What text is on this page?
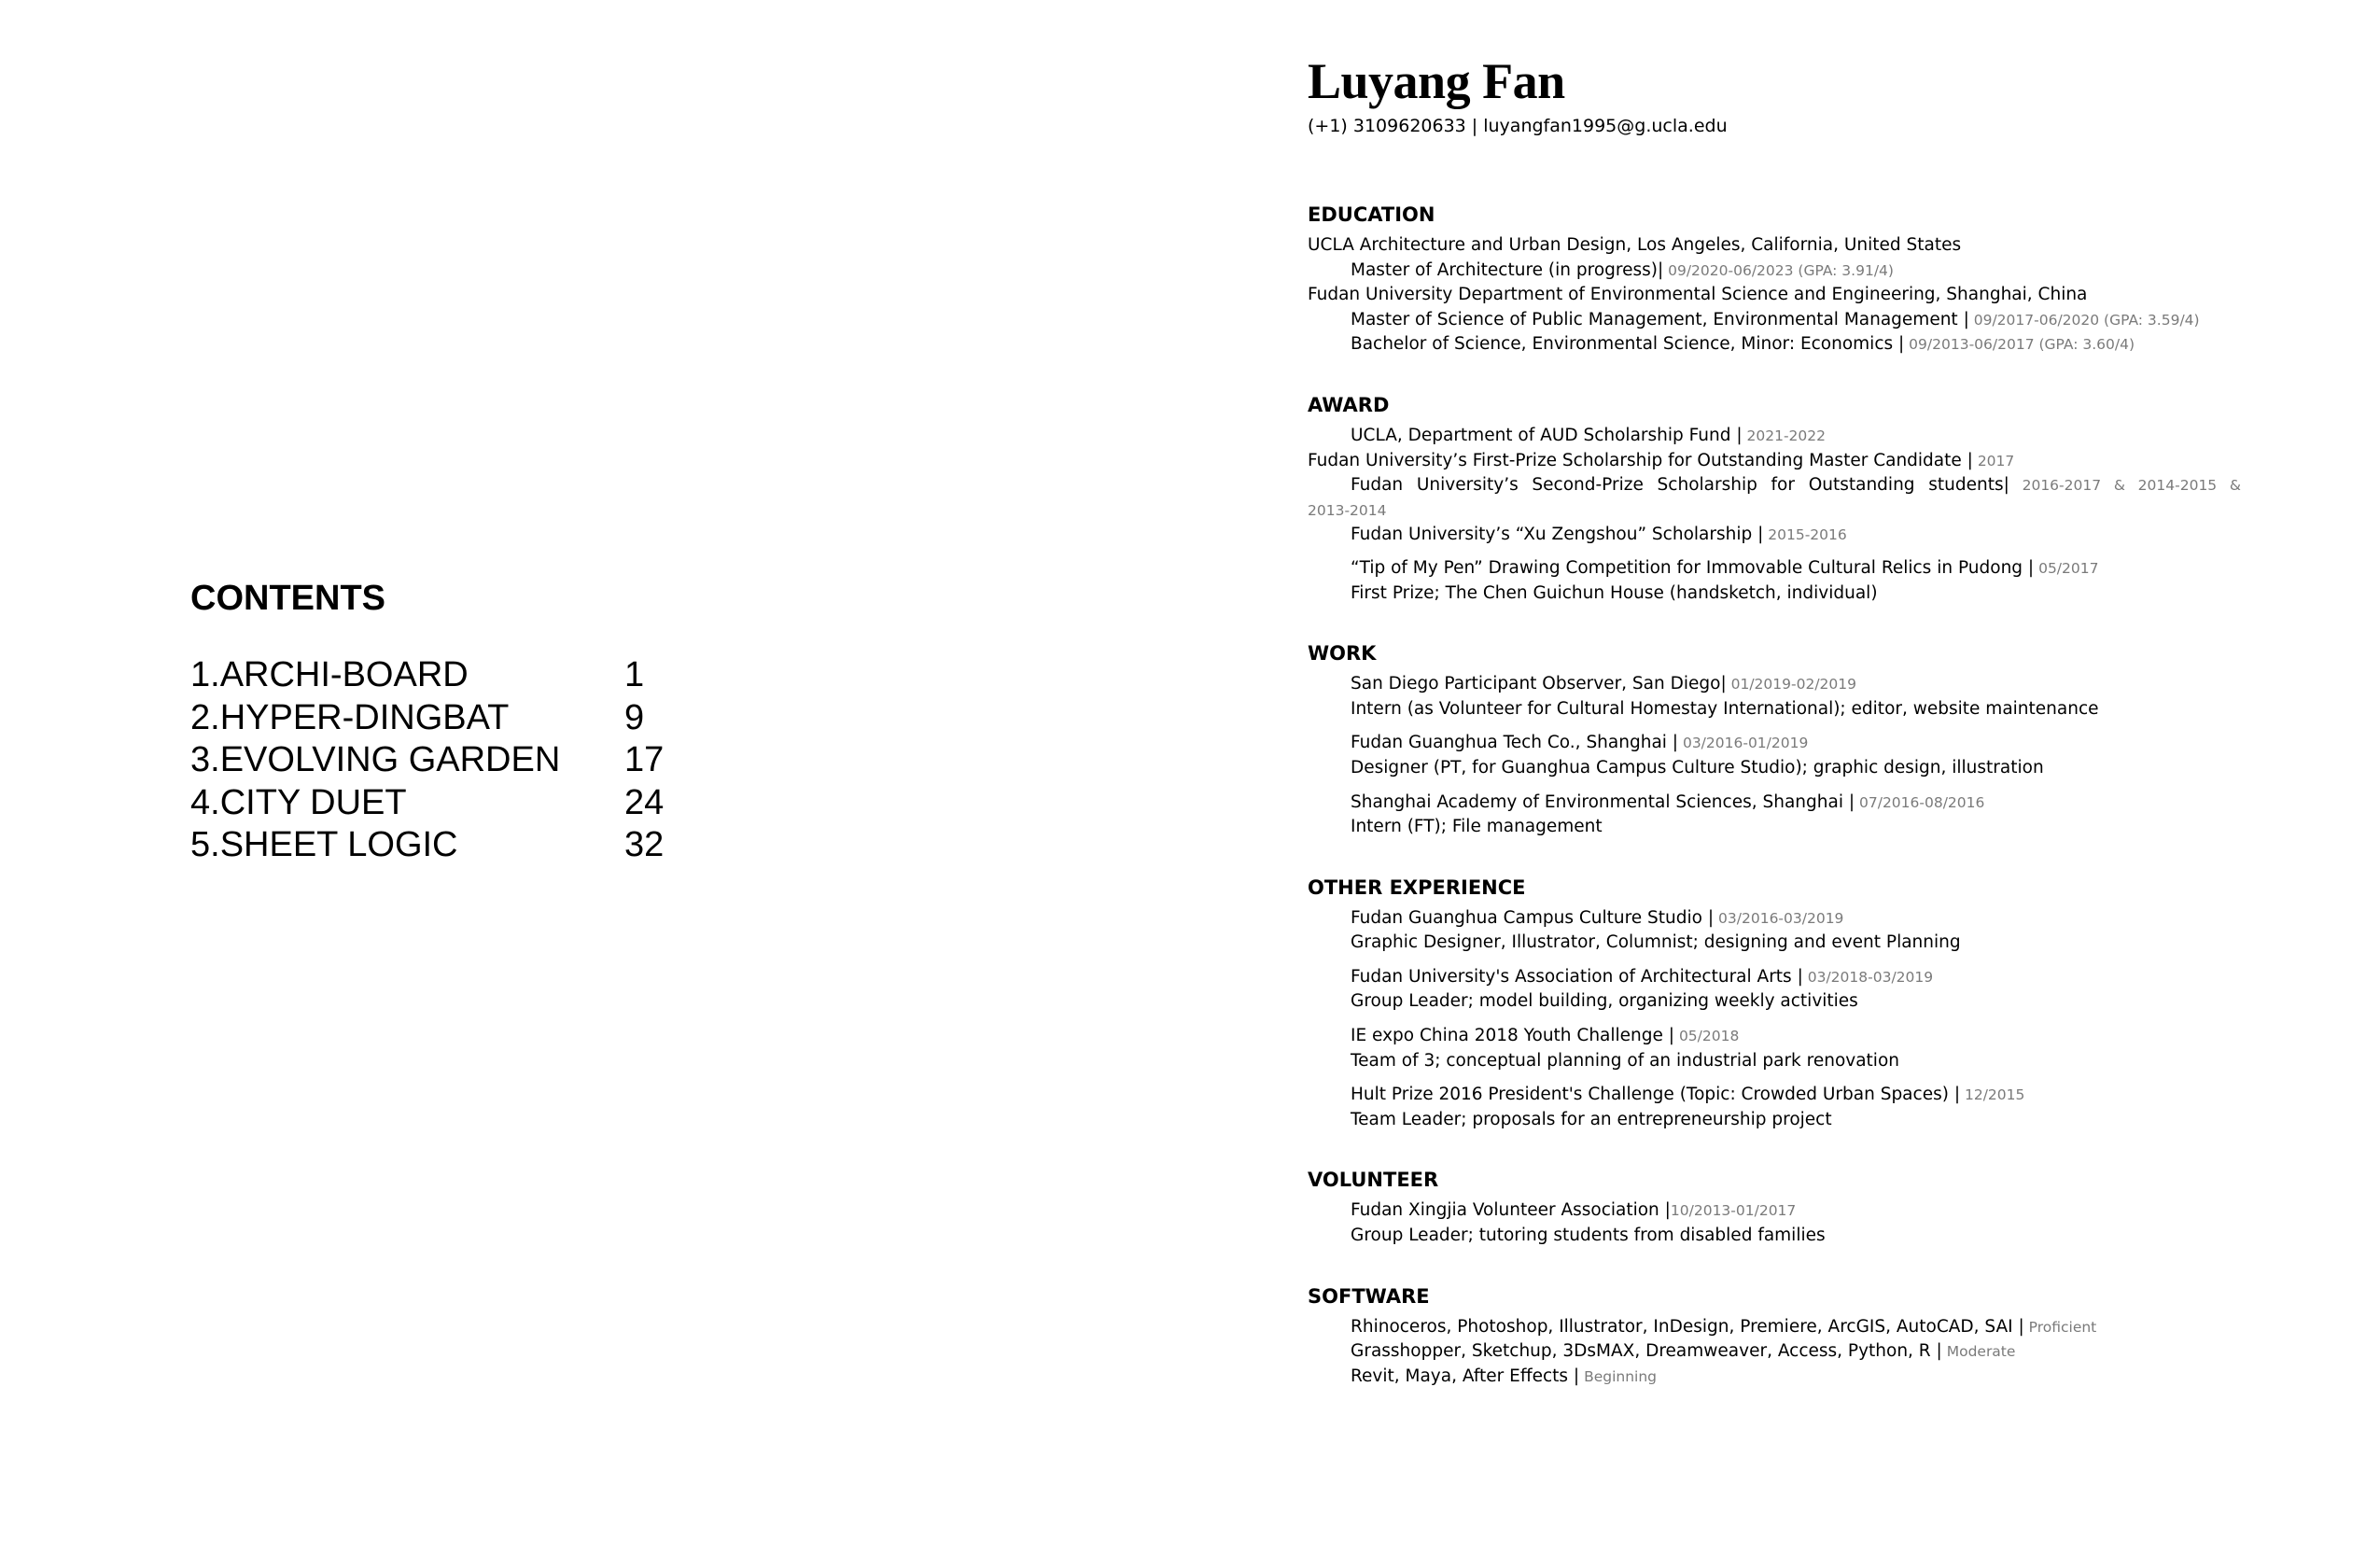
CONTENTS
1.ARCHI-BOARD	1
2.HYPER-DINGBAT	9
3.EVOLVING GARDEN 17
4.CITY DUET	24
5.SHEET LOGIC	32
Luyang Fan
(+1) 3109620633 | luyangfan1995@g.ucla.edu
EDUCATION
UCLA Architecture and Urban Design, Los Angeles, California, United States
Master of Architecture (in progress)| 09/2020-06/2023 (GPA: 3.91/4)
Fudan University Department of Environmental Science and Engineering, Shanghai, China
Master of Science of Public Management, Environmental Management | 09/2017-06/2020 (GPA: 3.59/4)
Bachelor of Science, Environmental Science, Minor: Economics | 09/2013-06/2017 (GPA: 3.60/4)
AWARD
UCLA, Department of AUD Scholarship Fund | 2021-2022
Fudan University’s First-Prize Scholarship for Outstanding Master Candidate | 2017
Fudan University’s Second-Prize Scholarship for Outstanding students| 2016-2017 & 2014-2015 & 2013-2014
Fudan University’s “Xu Zengshou” Scholarship | 2015-2016
“Tip of My Pen” Drawing Competition for Immovable Cultural Relics in Pudong | 05/2017
First Prize; The Chen Guichun House (handsketch, individual)
WORK
San Diego Participant Observer, San Diego| 01/2019-02/2019
Intern (as Volunteer for Cultural Homestay International); editor, website maintenance
Fudan Guanghua Tech Co., Shanghai | 03/2016-01/2019
Designer (PT, for Guanghua Campus Culture Studio); graphic design, illustration
Shanghai Academy of Environmental Sciences, Shanghai | 07/2016-08/2016
Intern (FT); File management
OTHER EXPERIENCE
Fudan Guanghua Campus Culture Studio | 03/2016-03/2019
Graphic Designer, Illustrator, Columnist; designing and event Planning
Fudan University's Association of Architectural Arts | 03/2018-03/2019
Group Leader; model building, organizing weekly activities
IE expo China 2018 Youth Challenge | 05/2018
Team of 3; conceptual planning of an industrial park renovation
Hult Prize 2016 President's Challenge (Topic: Crowded Urban Spaces) | 12/2015
Team Leader; proposals for an entrepreneurship project
VOLUNTEER
Fudan Xingjia Volunteer Association |10/2013-01/2017
Group Leader; tutoring students from disabled families
SOFTWARE
Rhinoceros, Photoshop, Illustrator, InDesign, Premiere, ArcGIS, AutoCAD, SAI | Proficient
Grasshopper, Sketchup, 3DsMAX, Dreamweaver, Access, Python, R | Moderate
Revit, Maya, After Effects | Beginning
